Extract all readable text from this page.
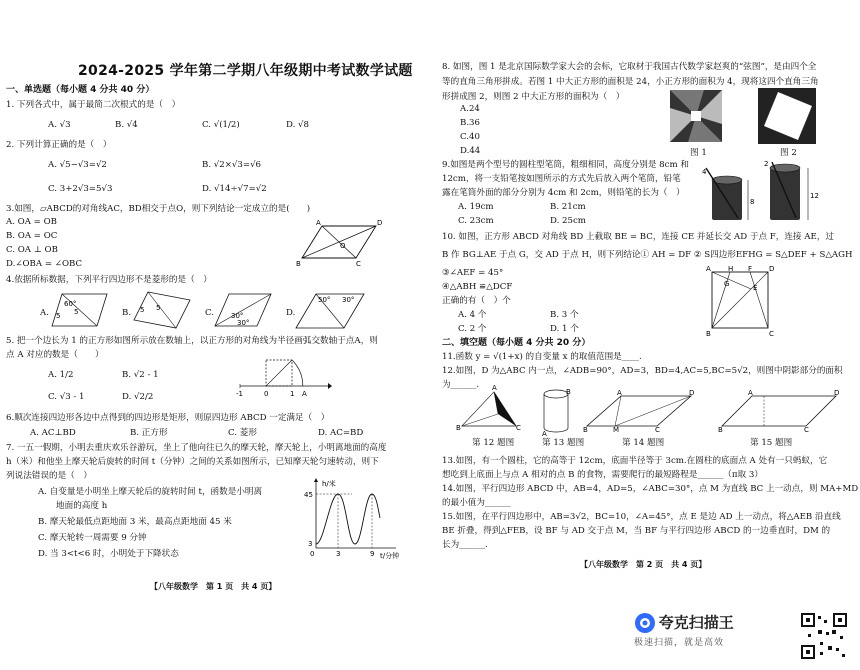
2024-2025 学年第二学期八年级期中考试数学试题
一、单选题（每小题 4 分共 40 分）
1. 下列各式中，属于最简二次根式的是（　）
A. √3	B. √4	C. √(1/2)	D. √8
2. 下列计算正确的是（　）
A. √5−√3=√2	B. √2×√3=√6
C. 3+2√3=5√3	D. √14÷√7=√2
3.如图，▱ABCD的对角线AC，BD相交于点O，则下列结论一定成立的是(　　)
A. OA = OB
B. OA = OC
C. OA ⊥ OB
D.∠OBA = ∠OBC
A	D
B	C
O
4.依据所标数据，下列平行四边形不是菱形的是（　）
A.
60°
5 5	B. 5 5	C. 30°
30°
D.
50° 30°
5. 把一个边长为 1 的正方形如图所示放在数轴上，以正方形的对角线为半径画弧交数轴于点A，则
点 A 对应的数是（　　）
A. 1/2	B. √2 - 1
C. √3 - 1	D. √2/2	-1	0	1 A
6.顺次连接四边形各边中点得到的四边形是矩形，则原四边形 ABCD 一定满足（　）
A. AC⊥BD	B. 正方形	C. 菱形	D. AC=BD
7. 一五一假期，小明去重庆欢乐谷游玩，坐上了他向往已久的摩天轮，摩天轮上，小明离地面的高度
h（米）和他坐上摩天轮后旋转的时间 t（分钟）之间的关系如图所示，已知摩天轮匀速转动，则下
列说法错误的是（　）
A. 自变量是小明坐上摩天轮后的旋转时间 t，函数是小明离
地面的高度 h
B. 摩天轮最低点距地面 3 米，最高点距地面 45 米
C. 摩天轮转一周需要 9 分钟
D. 当 3<t<6 时，小明处于下降状态
h/米
45
3
0	3	9 t/分钟
【八年级数学　第 1 页　共 4 页】
8. 如图，图 1 是北京国际数学家大会的会标，它取材于我国古代数学家赵爽的“弦图”，是由四个全
等的直角三角形拼成。若图 1 中大正方形的面积是 24，小正方形的面积为 4，现将这四个直角三角
形拼成图 2，则图 2 中大正方形的面积为（　）
A.24
B.36
C.40
D.44	图 1	图 2
9.如图是两个型号的圆柱型笔筒，粗细相同，高度分别是 8cm 和
12cm，将一支铅笔按如图所示的方式先后放入两个笔筒，铅笔
露在笔筒外面的部分分别为 4cm 和 2cm，则铅笔的长为（　）
A. 19cm	B. 21cm
C. 23cm	D. 25cm
8
12
4
2
10. 如图，正方形 ABCD 对角线 BD 上截取 BE = BC，连接 CE 并延长交 AD 于点 F，连接 AE，过
B 作 BG⊥AE 于点 G，交 AD 于点 H，则下列结论① AH = DF ② S四边形EFHG = S△DEF + S△AGH
③∠AEF = 45°
④△ABH ≌△DCF
正确的有（　）个
A. 4 个	B. 3 个
C. 2 个	D. 1 个
A H F D
E
G
B	C
二、填空题（每小题 4 分共 20 分）
11.函数 y = √(1+x) 的自变量 x 的取值范围是____.
12.如图，D 为△ABC 内一点，∠ADB=90°，AD=3，BD=4,AC=5,BC=5√2，则图中阴影部分的面积
为______. A
B	C
B
A
A	D
B	M	C
A	D
B	C
第 12 题图	第 13 题图	第 14 题图	第 15 题图
13.如图，有一个圆柱，它的高等于 12cm，底面半径等于 3cm.在圆柱的底面点 A 处有一只蚂蚁，它
想吃到上底面上与点 A 相对的点 B 的食物，需要爬行的最短路程是______（π取 3）
14.如图，平行四边形 ABCD 中，AB=4，AD=5，∠ABC=30°，点 M 为直线 BC 上一动点，则 MA+MD
的最小值为______
15.如图，在平行四边形中，AB=3√2，BC=10，∠A=45°，点 E 是边 AD 上一动点，将△AEB 沿直线
BE 折叠，得到△FEB，设 BF 与 AD 交于点 M，当 BF 与平行四边形 ABCD 的一边垂直时，DM 的
长为______.
【八年级数学　第 2 页　共 4 页】
夸克扫描王
极速扫描，就是高效
